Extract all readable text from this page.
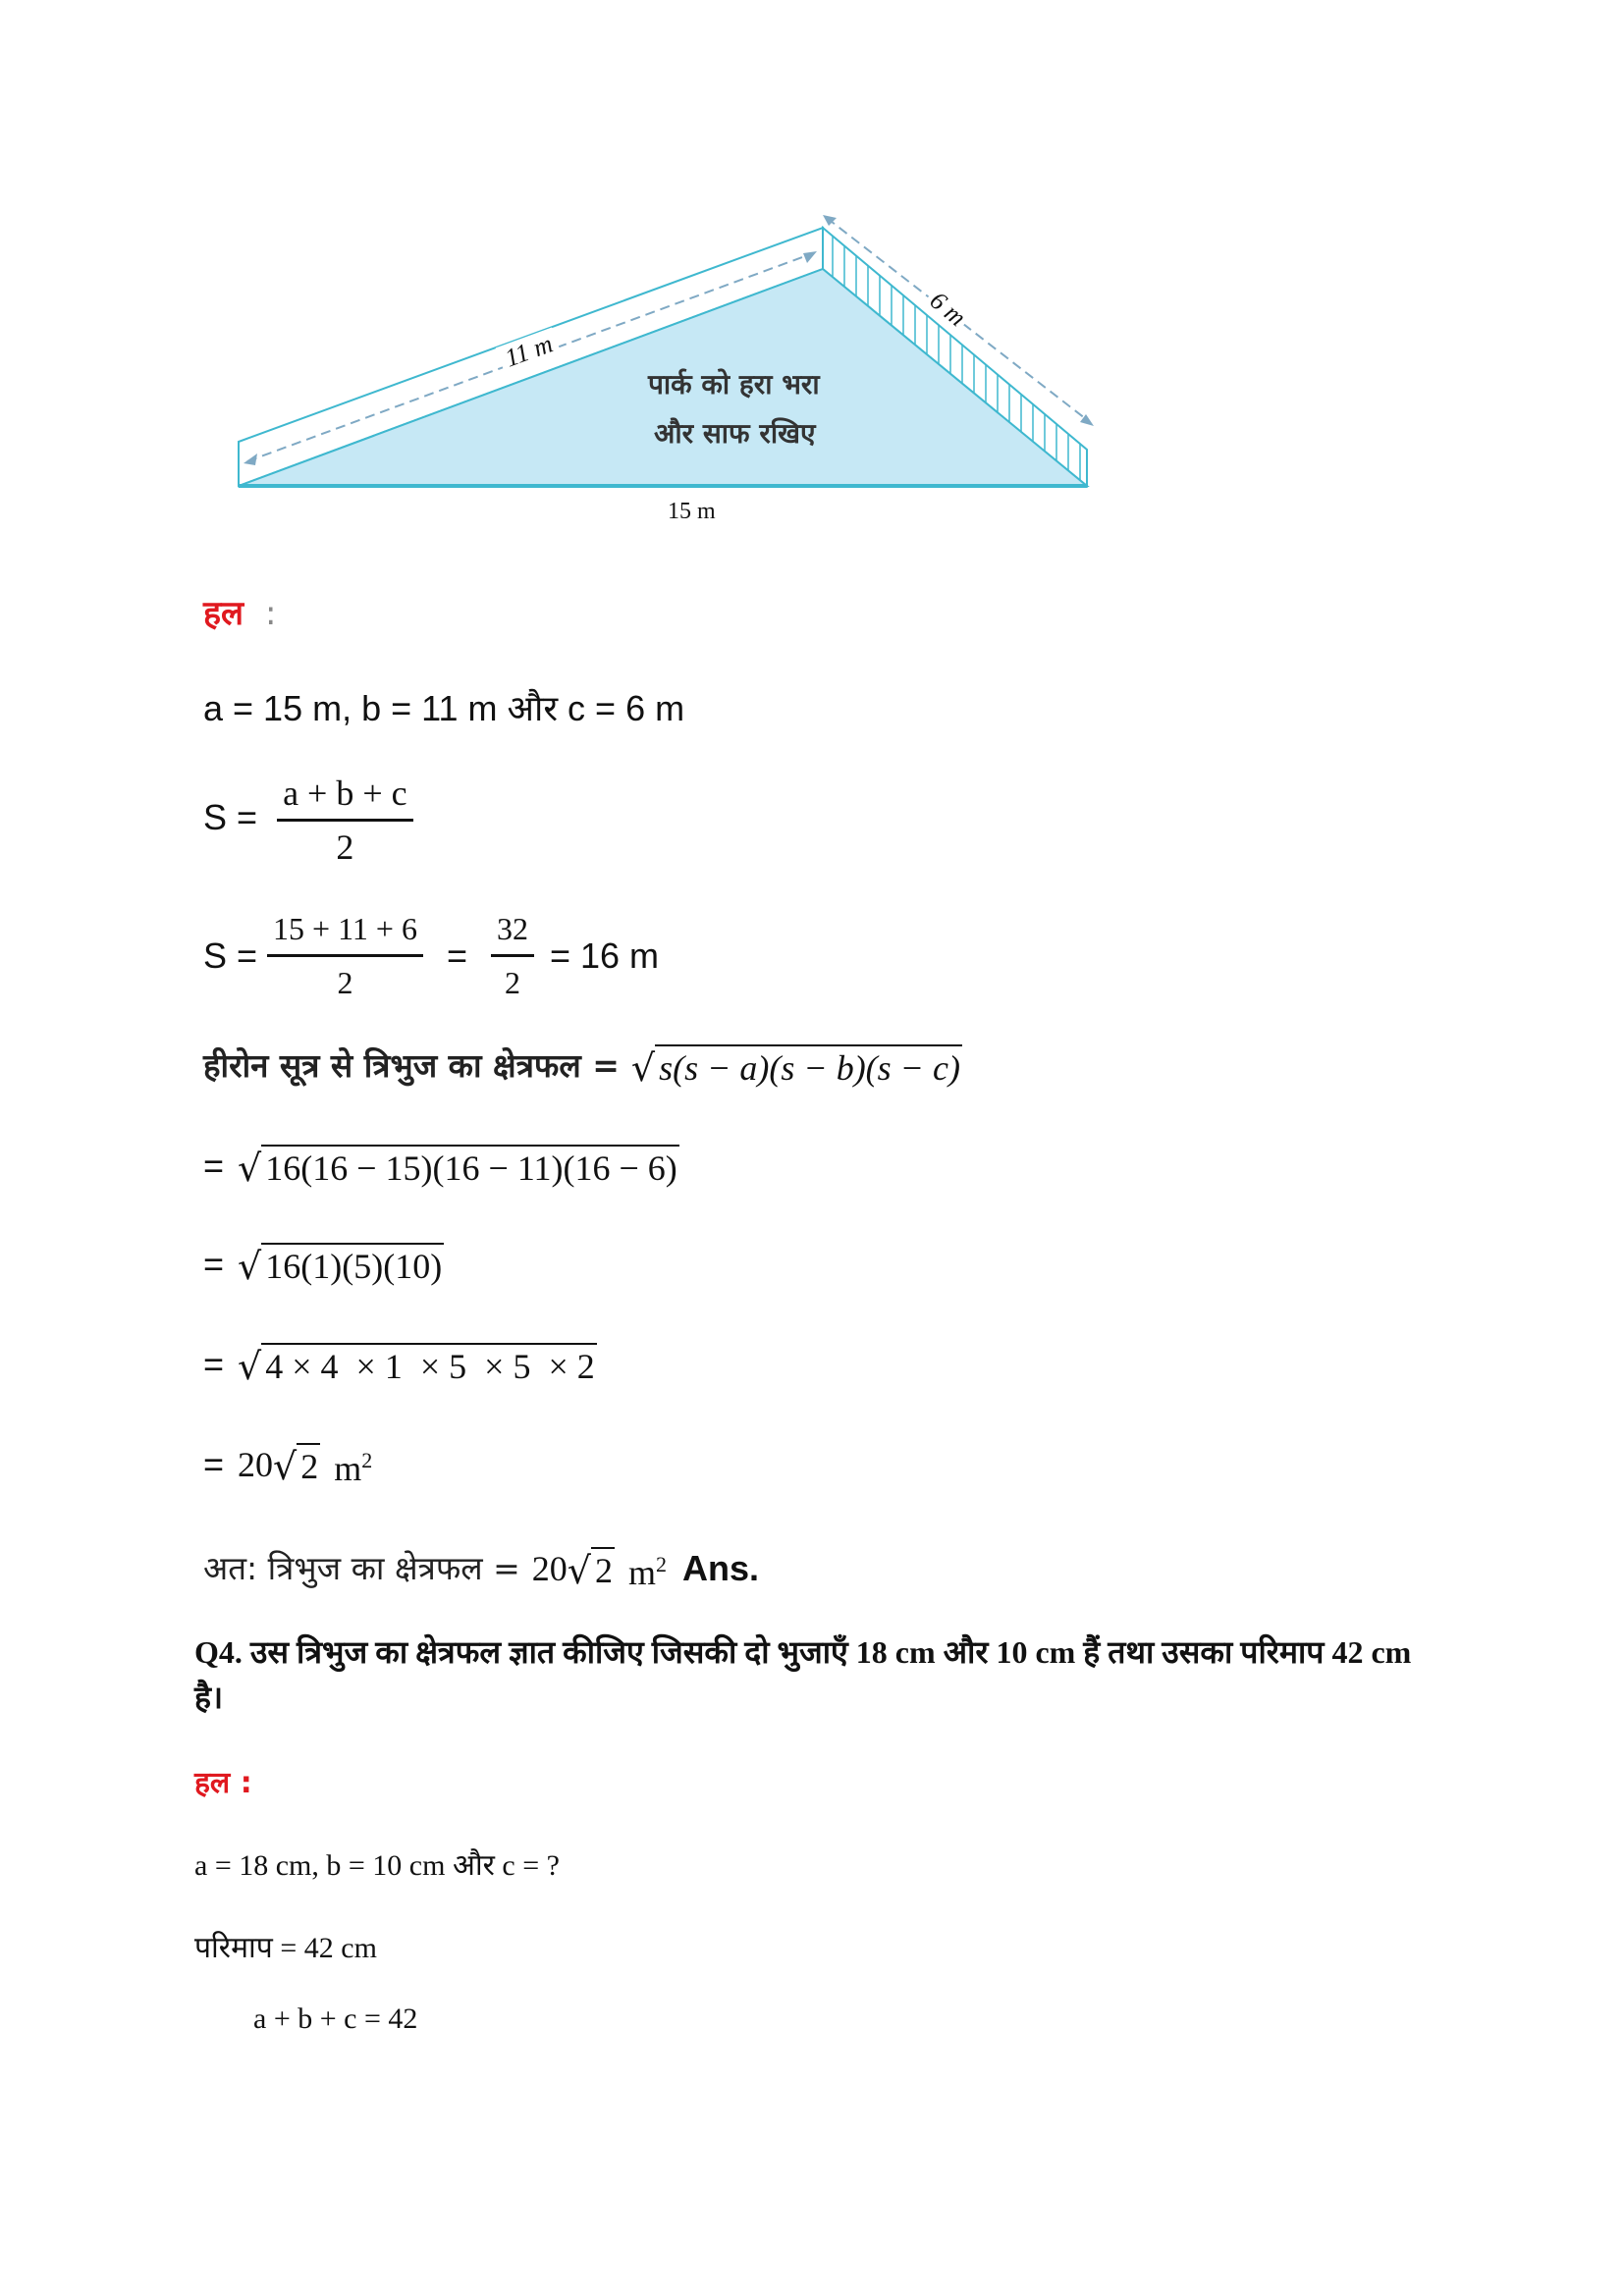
11 m
6 m
पार्क को हरा भरा
और साफ रखिए
15 m
हल :
a = 15 m, b = 11 m और c = 6 m
$S = \frac{a + b + c}{2}$
$S = \frac{15 + 11 + 6}{2} = \frac{32}{2} = 16$ m
हीरोन सूत्र से त्रिभुज का क्षेत्रफल = √ s(s − a)(s − b)(s − c)
= √ 16(16 − 15)(16 − 11)(16 − 6)
= √ 16(1)(5)(10)
= √ 4 × 4  × 1  × 5  × 5  × 2
= 20 √ 2 $m^2$
अत: त्रिभुज का क्षेत्रफल = 20 √ 2 $m^2$ Ans.
Q4. उस त्रिभुज का क्षेत्रफल ज्ञात कीजिए जिसकी दो भुजाएँ 18 cm और 10 cm हैं तथा उसका परिमाप 42 cm है।
हल :
a = 18 cm, b = 10 cm और c = ?
परिमाप = 42 cm
a + b + c = 42
